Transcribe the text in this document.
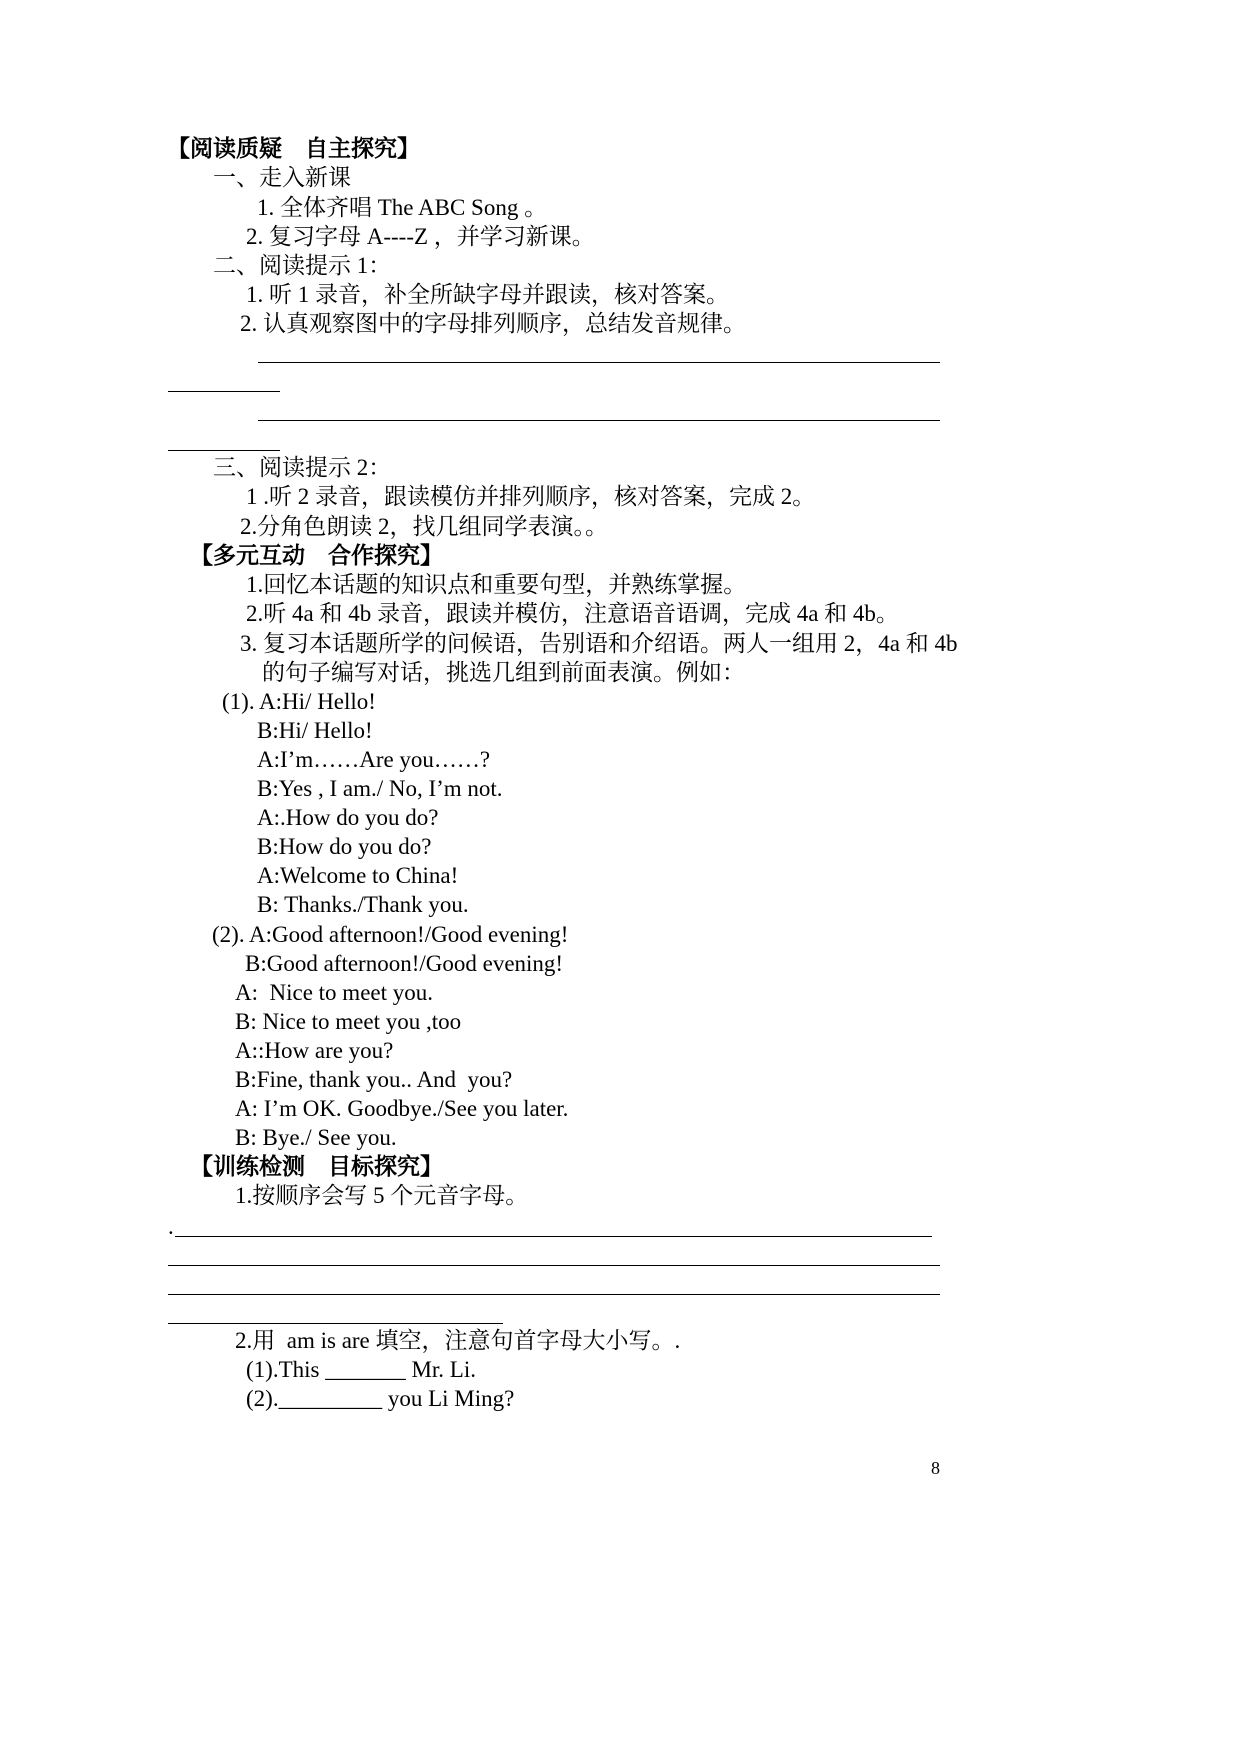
【阅读质疑　自主探究】
一、走入新课
1. 全体齐唱 The ABC Song 。
2. 复习字母 A----Z ，并学习新课。
二、阅读提示 1：
1. 听 1 录音，补全所缺字母并跟读，核对答案。
2. 认真观察图中的字母排列顺序，总结发音规律。
三、阅读提示 2：
1 .听 2 录音，跟读模仿并排列顺序，核对答案，完成 2。
2.分角色朗读 2，找几组同学表演。。
【多元互动　合作探究】
1.回忆本话题的知识点和重要句型，并熟练掌握。
2.听 4a 和 4b 录音，跟读并模仿，注意语音语调，完成 4a 和 4b。
3. 复习本话题所学的问候语，告别语和介绍语。两人一组用 2，4a 和 4b
的句子编写对话，挑选几组到前面表演。例如：
(1). A:Hi/ Hello!
B:Hi/ Hello!
A:I’m……Are you……?
B:Yes , I am./ No, I’m not.
A:.How do you do?
B:How do you do?
A:Welcome to China!
B: Thanks./Thank you.
(2). A:Good afternoon!/Good evening!
B:Good afternoon!/Good evening!
A:  Nice to meet you.
B: Nice to meet you ,too
A::How are you?
B:Fine, thank you.. And  you?
A: I’m OK. Goodbye./See you later.
B: Bye./ See you.
【训练检测　目标探究】
1.按顺序会写 5 个元音字母。
.
2.用  am is are 填空，注意句首字母大小写。.
(1).This _______ Mr. Li.
(2)._________ you Li Ming?
8
